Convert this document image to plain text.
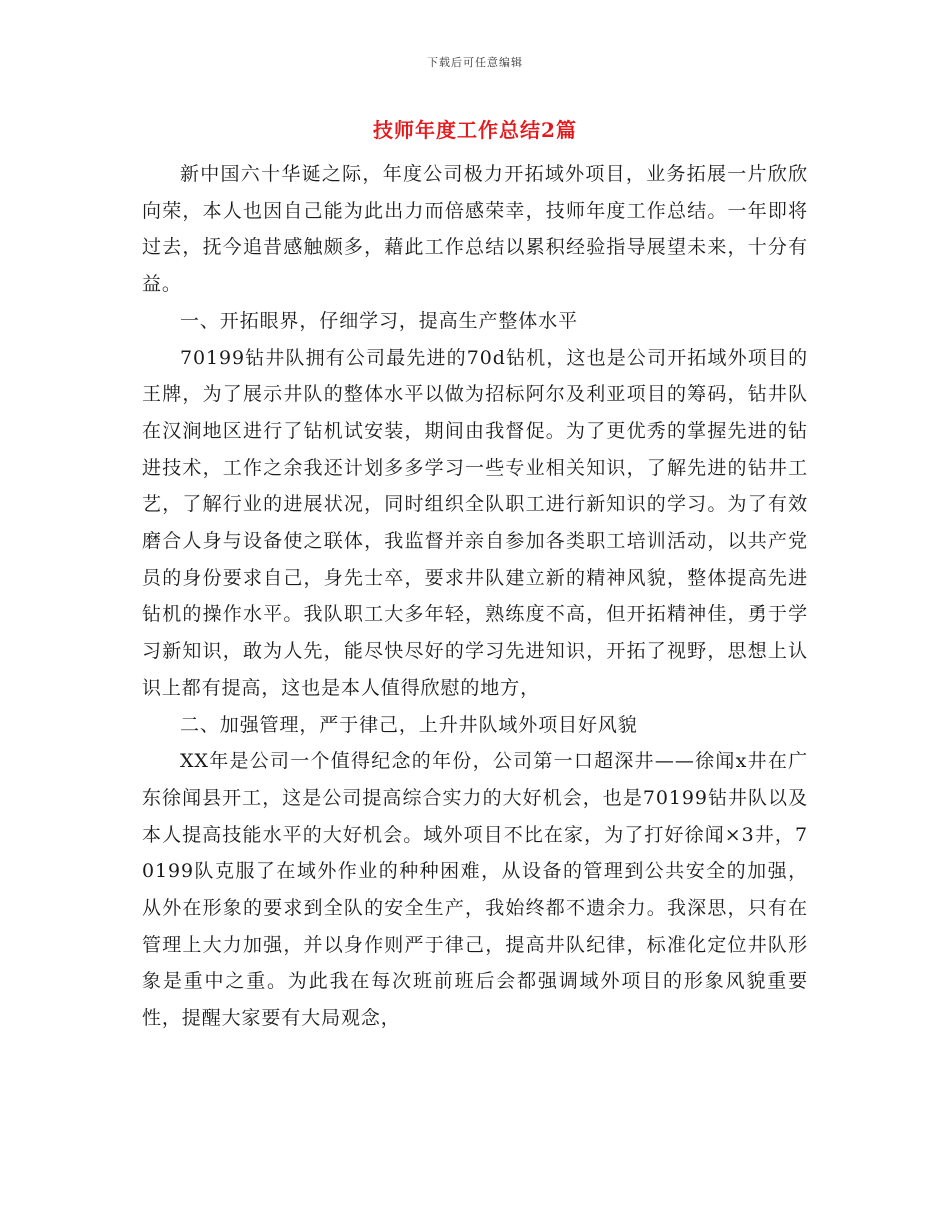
下载后可任意编辑
技师年度工作总结2篇

新中国六十华诞之际，年度公司极力开拓域外项目，业务拓展一片欣欣向荣，本人也因自己能为此出力而倍感荣幸，技师年度工作总结。一年即将过去，抚今追昔感触颇多，藉此工作总结以累积经验指导展望未来，十分有益。

一、开拓眼界，仔细学习，提高生产整体水平

70199钻井队拥有公司最先进的70d钻机，这也是公司开拓域外项目的王牌，为了展示井队的整体水平以做为招标阿尔及利亚项目的筹码，钻井队在汉涧地区进行了钻机试安装，期间由我督促。为了更优秀的掌握先进的钻进技术，工作之余我还计划多多学习一些专业相关知识，了解先进的钻井工艺，了解行业的进展状况，同时组织全队职工进行新知识的学习。为了有效磨合人身与设备使之联体，我监督并亲自参加各类职工培训活动，以共产党员的身份要求自己，身先士卒，要求井队建立新的精神风貌，整体提高先进钻机的操作水平。我队职工大多年轻，熟练度不高，但开拓精神佳，勇于学习新知识，敢为人先，能尽快尽好的学习先进知识，开拓了视野，思想上认识上都有提高，这也是本人值得欣慰的地方，

二、加强管理，严于律己，上升井队域外项目好风貌

XX年是公司一个值得纪念的年份，公司第一口超深井——徐闻x井在广东徐闻县开工，这是公司提高综合实力的大好机会，也是70199钻井队以及本人提高技能水平的大好机会。域外项目不比在家，为了打好徐闻×3井，70199队克服了在域外作业的种种困难，从设备的管理到公共安全的加强，从外在形象的要求到全队的安全生产，我始终都不遗余力。我深思，只有在管理上大力加强，并以身作则严于律己，提高井队纪律，标准化定位井队形象是重中之重。为此我在每次班前班后会都强调域外项目的形象风貌重要性，提醒大家要有大局观念，
